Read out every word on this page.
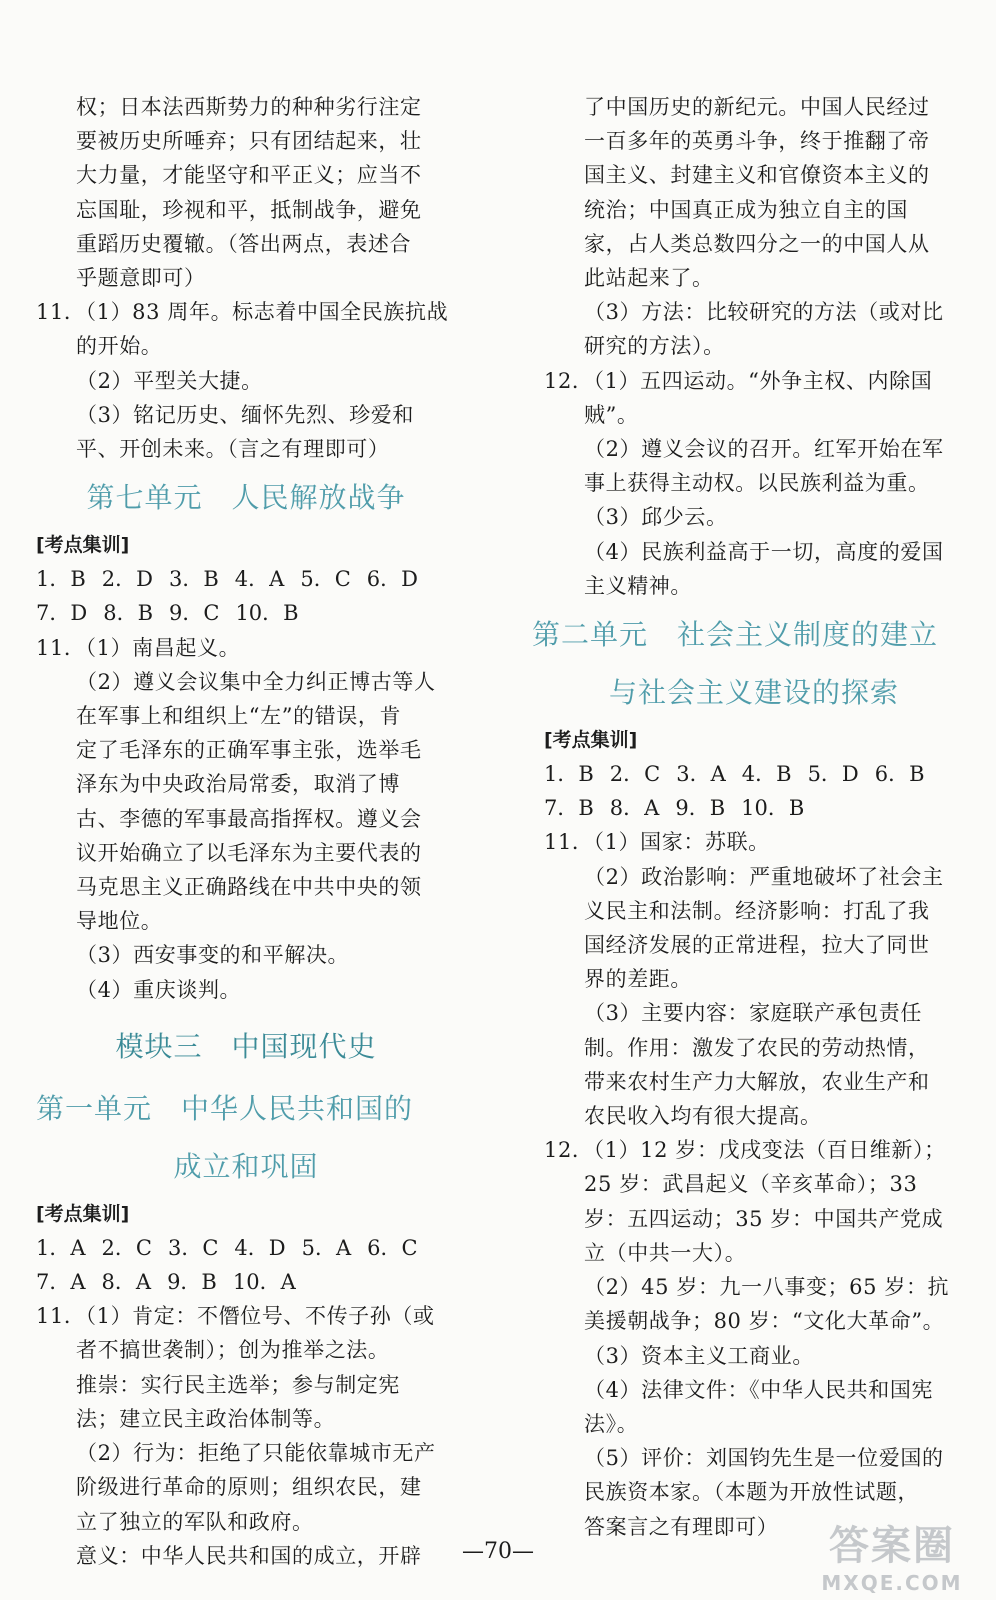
权；日本法西斯势力的种种劣行注定
要被历史所唾弃；只有团结起来，壮
大力量，才能坚守和平正义；应当不
忘国耻，珍视和平，抵制战争，避免
重蹈历史覆辙。（答出两点，表述合
乎题意即可）
11．（1）83 周年。标志着中国全民族抗战
的开始。
（2）平型关大捷。
（3）铭记历史、缅怀先烈、珍爱和
平、开创未来。（言之有理即可）
第七单元　人民解放战争
[考点集训]
1．B 2．D 3．B 4．A 5．C 6．D
7．D 8．B 9．C 10．B
11．（1）南昌起义。
（2）遵义会议集中全力纠正博古等人
在军事上和组织上“左”的错误，肯
定了毛泽东的正确军事主张，选举毛
泽东为中央政治局常委，取消了博
古、李德的军事最高指挥权。遵义会
议开始确立了以毛泽东为主要代表的
马克思主义正确路线在中共中央的领
导地位。
（3）西安事变的和平解决。
（4）重庆谈判。
模块三　中国现代史
第一单元　中华人民共和国的
成立和巩固
[考点集训]
1．A 2．C 3．C 4．D 5．A 6．C
7．A 8．A 9．B 10．A
11．（1）肯定：不僭位号、不传子孙（或
者不搞世袭制）；创为推举之法。
推崇：实行民主选举；参与制定宪
法；建立民主政治体制等。
（2）行为：拒绝了只能依靠城市无产
阶级进行革命的原则；组织农民，建
立了独立的军队和政府。
意义：中华人民共和国的成立，开辟
了中国历史的新纪元。中国人民经过
一百多年的英勇斗争，终于推翻了帝
国主义、封建主义和官僚资本主义的
统治；中国真正成为独立自主的国
家，占人类总数四分之一的中国人从
此站起来了。
（3）方法：比较研究的方法（或对比
研究的方法）。
12．（1）五四运动。“外争主权、内除国
贼”。
（2）遵义会议的召开。红军开始在军
事上获得主动权。以民族利益为重。
（3）邱少云。
（4）民族利益高于一切，高度的爱国
主义精神。
第二单元　社会主义制度的建立
与社会主义建设的探索
[考点集训]
1．B 2．C 3．A 4．B 5．D 6．B
7．B 8．A 9．B 10．B
11．（1）国家：苏联。
（2）政治影响：严重地破坏了社会主
义民主和法制。经济影响：打乱了我
国经济发展的正常进程，拉大了同世
界的差距。
（3）主要内容：家庭联产承包责任
制。作用：激发了农民的劳动热情，
带来农村生产力大解放，农业生产和
农民收入均有很大提高。
12．（1）12 岁：戊戌变法（百日维新）；
25 岁：武昌起义（辛亥革命）；33
岁：五四运动；35 岁：中国共产党成
立（中共一大）。
（2）45 岁：九一八事变；65 岁：抗
美援朝战争；80 岁：“文化大革命”。
（3）资本主义工商业。
（4）法律文件：《中华人民共和国宪
法》。
（5）评价：刘国钧先生是一位爱国的
民族资本家。（本题为开放性试题，
答案言之有理即可）
—70—	答案圈
MXQE.COM
